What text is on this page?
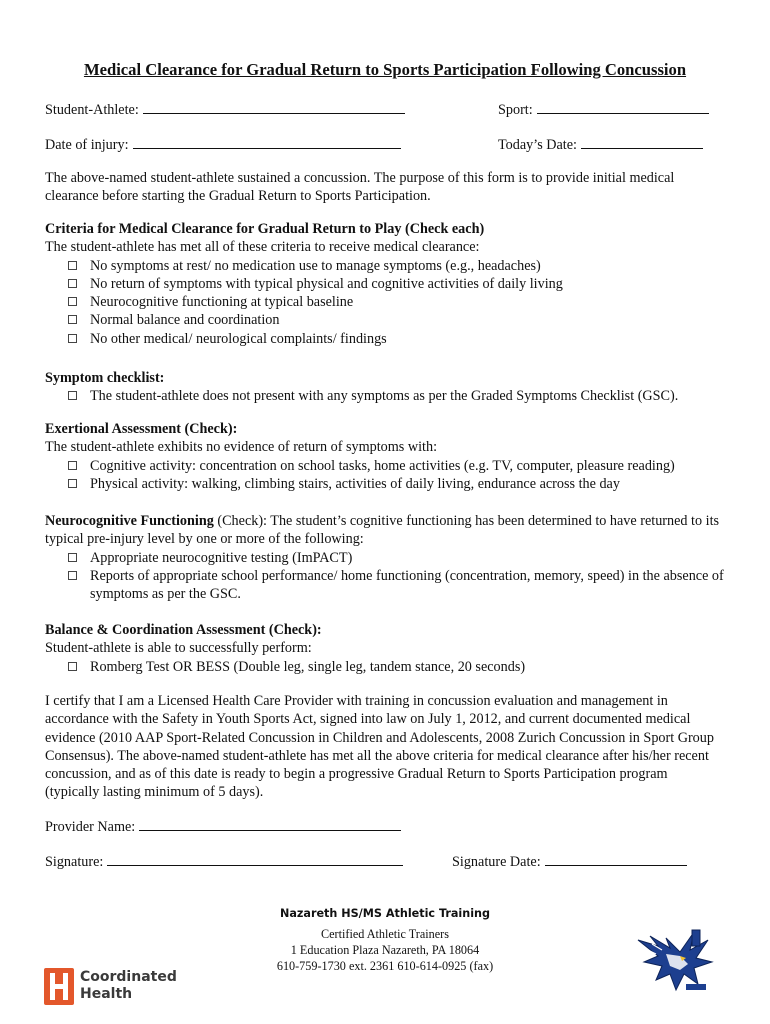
Medical Clearance for Gradual Return to Sports Participation Following Concussion
Student-Athlete:	Sport:
Date of injury:	Today’s Date:

The above-named student-athlete sustained a concussion. The purpose of this form is to provide initial medical clearance before starting the Gradual Return to Sports Participation.

Criteria for Medical Clearance for Gradual Return to Play (Check each)

The student-athlete has met all of these criteria to receive medical clearance:

No symptoms at rest/ no medication use to manage symptoms (e.g., headaches)
No return of symptoms with typical physical and cognitive activities of daily living
Neurocognitive functioning at typical baseline
Normal balance and coordination
No other medical/ neurological complaints/ findings

Symptom checklist:

The student-athlete does not present with any symptoms as per the Graded Symptoms Checklist (GSC).

Exertional Assessment (Check):

The student-athlete exhibits no evidence of return of symptoms with:

Cognitive activity: concentration on school tasks, home activities (e.g. TV, computer, pleasure reading)
Physical activity: walking, climbing stairs, activities of daily living, endurance across the day

Neurocognitive Functioning (Check): The student’s cognitive functioning has been determined to have returned to its typical pre-injury level by one or more of the following:

Appropriate neurocognitive testing (ImPACT)
Reports of appropriate school performance/ home functioning (concentration, memory, speed) in the absence of symptoms as per the GSC.

Balance & Coordination Assessment (Check):

Student-athlete is able to successfully perform:

Romberg Test OR BESS (Double leg, single leg, tandem stance, 20 seconds)

I certify that I am a Licensed Health Care Provider with training in concussion evaluation and management in accordance with the Safety in Youth Sports Act, signed into law on July 1, 2012, and current documented medical evidence (2010 AAP Sport-Related Concussion in Children and Adolescents, 2008 Zurich Concussion in Sport Group Consensus). The above-named student-athlete has met all the above criteria for medical clearance after his/her recent concussion, and as of this date is ready to begin a progressive Gradual Return to Sports Participation program (typically lasting minimum of 5 days).

Provider Name:
Signature:	Signature Date:
Nazareth HS/MS Athletic Training
Certified Athletic Trainers
1 Education Plaza Nazareth, PA 18064
610-759-1730 ext. 2361 610-614-0925 (fax)
Coordinated
Health
